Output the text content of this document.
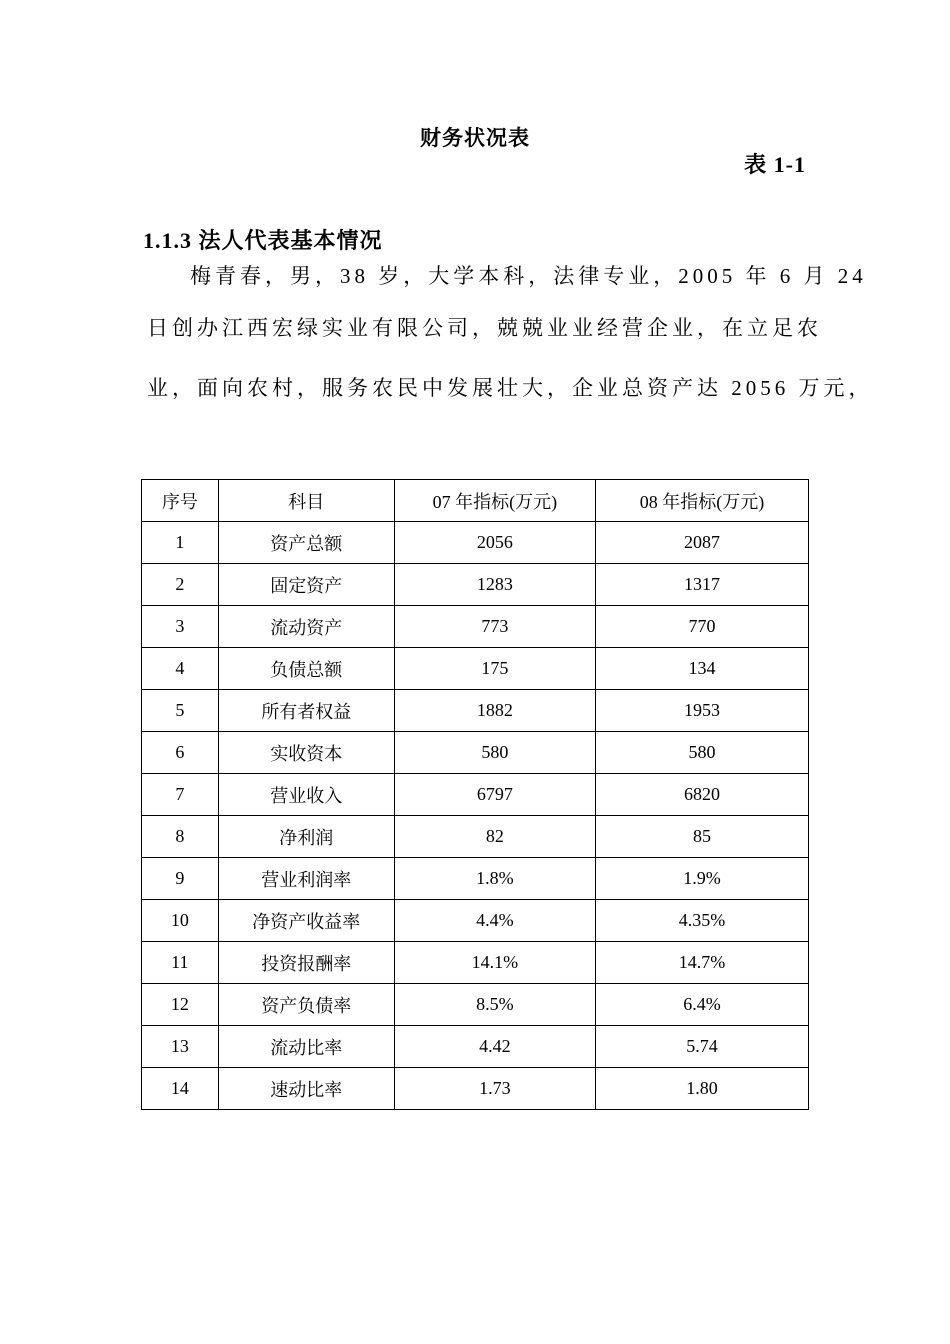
财务状况表
表 1-1
1.1.3 法人代表基本情况
梅青春，男，38 岁，大学本科，法律专业，2005 年 6 月 24
日创办江西宏绿实业有限公司，兢兢业业经营企业，在立足农
业，面向农村，服务农民中发展壮大，企业总资产达 2056 万元，
序号	科目	07 年指标(万元)	08 年指标(万元)
1	资产总额	2056	2087
2	固定资产	1283	1317
3	流动资产	773	770
4	负债总额	175	134
5	所有者权益	1882	1953
6	实收资本	580	580
7	营业收入	6797	6820
8	净利润	82	85
9	营业利润率	1.8%	1.9%
10	净资产收益率	4.4%	4.35%
11	投资报酬率	14.1%	14.7%
12	资产负债率	8.5%	6.4%
13	流动比率	4.42	5.74
14	速动比率	1.73	1.80
